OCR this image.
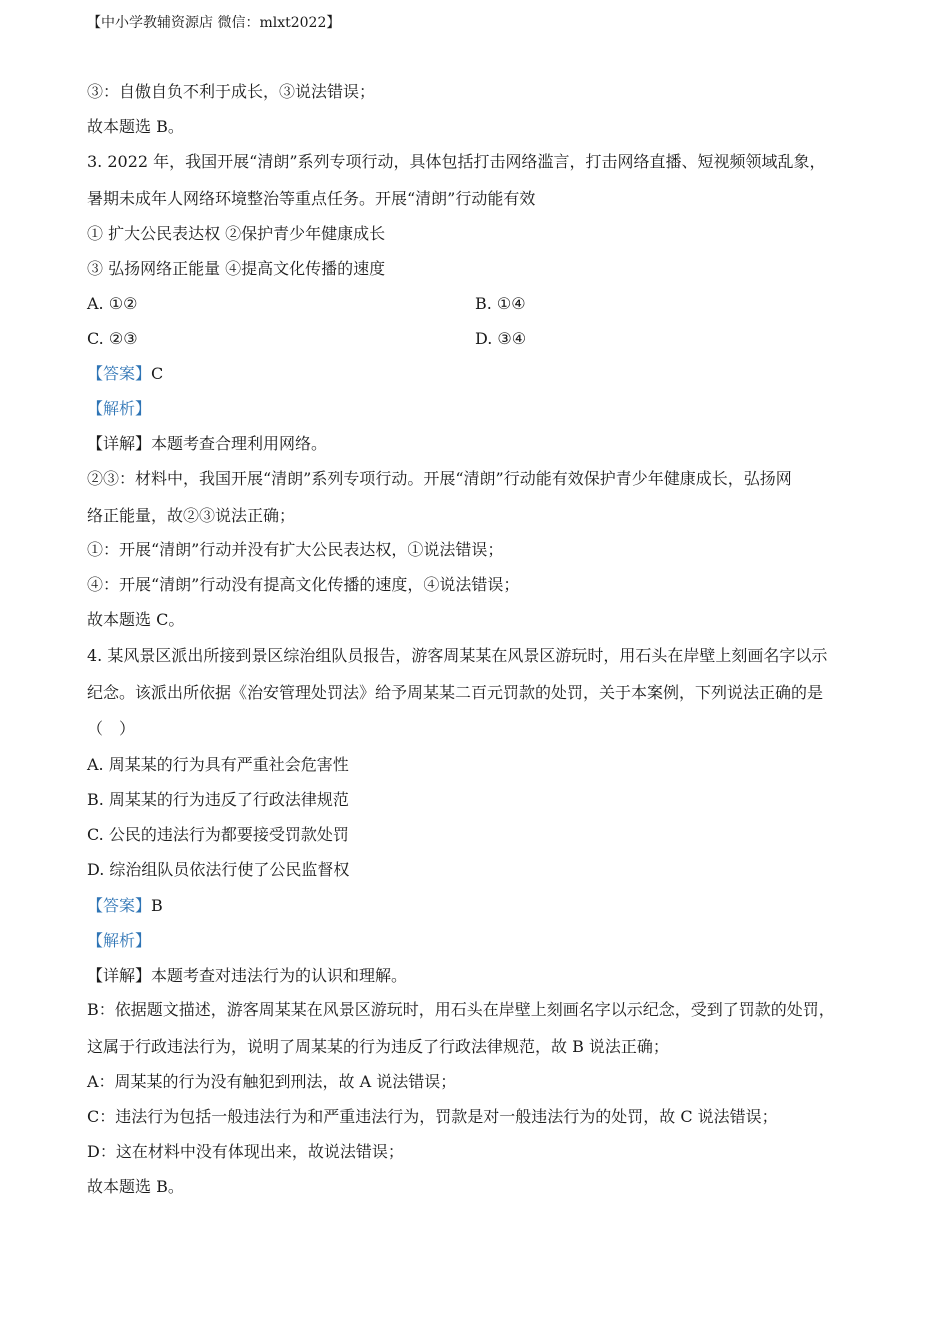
【中小学教辅资源店 微信：mlxt2022】
③：自傲自负不利于成长，③说法错误；
故本题选 B。
3. 2022 年，我国开展“清朗”系列专项行动，具体包括打击网络滥言，打击网络直播、短视频领域乱象，
暑期未成年人网络环境整治等重点任务。开展“清朗”行动能有效
① 扩大公民表达权 ②保护青少年健康成长
③ 弘扬网络正能量 ④提高文化传播的速度
A. ①②	B. ①④
C. ②③	D. ③④
【答案】C
【解析】
【详解】本题考查合理利用网络。
②③：材料中，我国开展“清朗”系列专项行动。开展“清朗”行动能有效保护青少年健康成长，弘扬网
络正能量，故②③说法正确；
①：开展“清朗”行动并没有扩大公民表达权，①说法错误；
④：开展“清朗”行动没有提高文化传播的速度，④说法错误；
故本题选 C。
4. 某风景区派出所接到景区综治组队员报告，游客周某某在风景区游玩时，用石头在岸壁上刻画名字以示
纪念。该派出所依据《治安管理处罚法》给予周某某二百元罚款的处罚，关于本案例，下列说法正确的是
（　）
A. 周某某的行为具有严重社会危害性
B. 周某某的行为违反了行政法律规范
C. 公民的违法行为都要接受罚款处罚
D. 综治组队员依法行使了公民监督权
【答案】B
【解析】
【详解】本题考查对违法行为的认识和理解。
B：依据题文描述，游客周某某在风景区游玩时，用石头在岸壁上刻画名字以示纪念，受到了罚款的处罚，
这属于行政违法行为，说明了周某某的行为违反了行政法律规范，故 B 说法正确；
A：周某某的行为没有触犯到刑法，故 A 说法错误；
C：违法行为包括一般违法行为和严重违法行为，罚款是对一般违法行为的处罚，故 C 说法错误；
D：这在材料中没有体现出来，故说法错误；
故本题选 B。
